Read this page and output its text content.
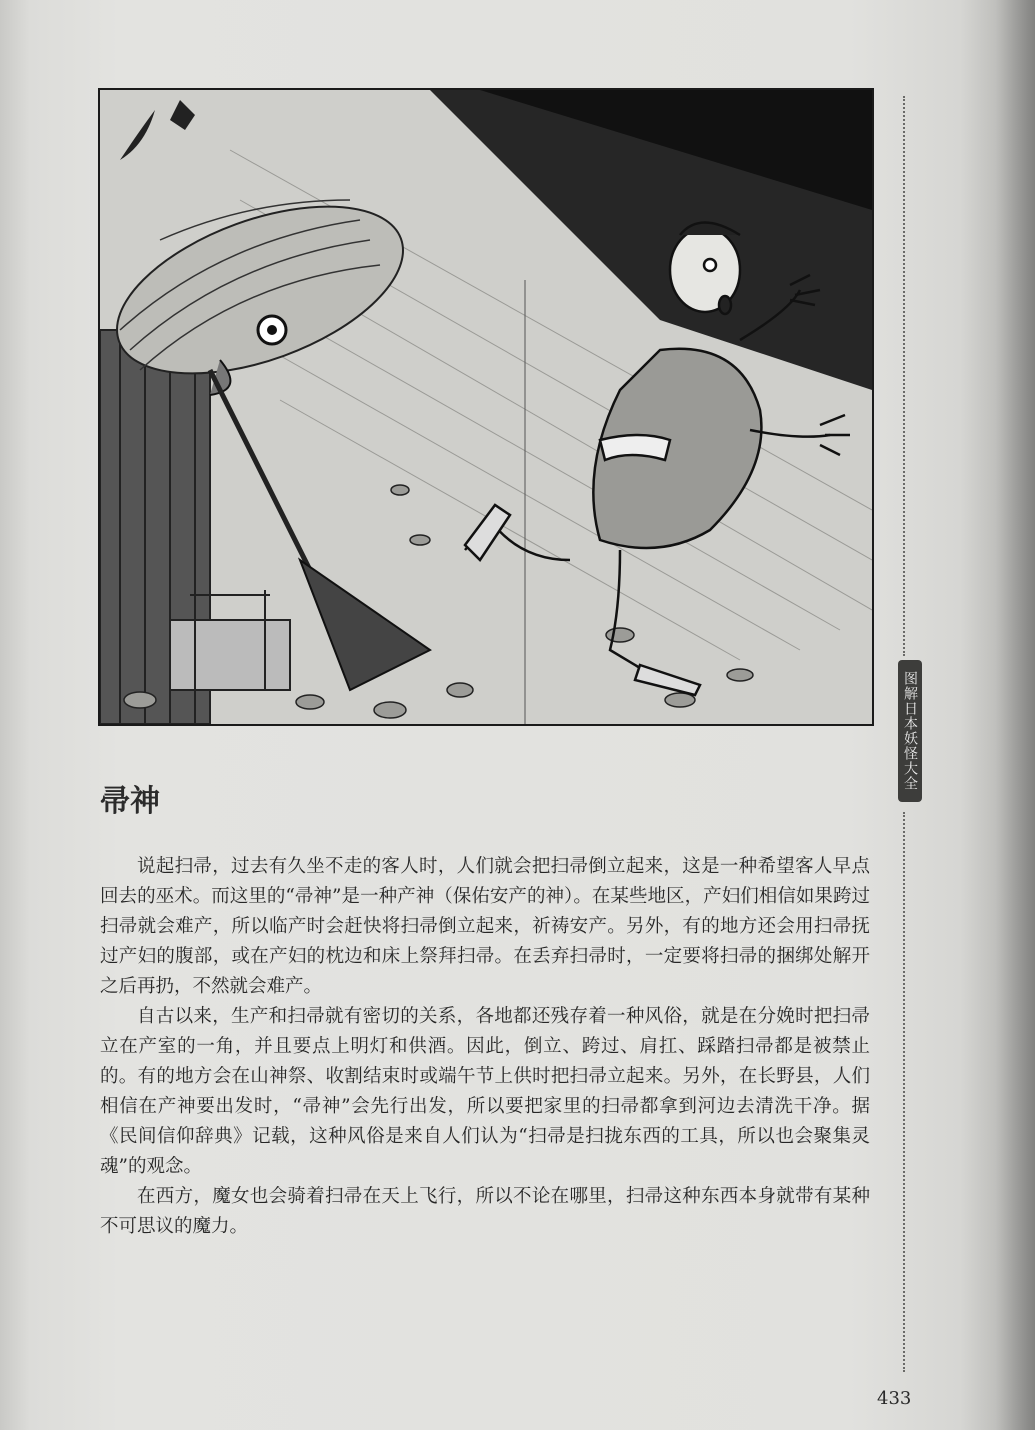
图解日本妖怪大全
帚神

说起扫帚，过去有久坐不走的客人时，人们就会把扫帚倒立起来，这是一种希望客人早点回去的巫术。而这里的“帚神”是一种产神（保佑安产的神）。在某些地区，产妇们相信如果跨过扫帚就会难产，所以临产时会赶快将扫帚倒立起来，祈祷安产。另外，有的地方还会用扫帚抚过产妇的腹部，或在产妇的枕边和床上祭拜扫帚。在丢弃扫帚时，一定要将扫帚的捆绑处解开之后再扔，不然就会难产。

自古以来，生产和扫帚就有密切的关系，各地都还残存着一种风俗，就是在分娩时把扫帚立在产室的一角，并且要点上明灯和供酒。因此，倒立、跨过、肩扛、踩踏扫帚都是被禁止的。有的地方会在山神祭、收割结束时或端午节上供时把扫帚立起来。另外，在长野县，人们相信在产神要出发时，“帚神”会先行出发，所以要把家里的扫帚都拿到河边去清洗干净。据《民间信仰辞典》记载，这种风俗是来自人们认为“扫帚是扫拢东西的工具，所以也会聚集灵魂”的观念。

在西方，魔女也会骑着扫帚在天上飞行，所以不论在哪里，扫帚这种东西本身就带有某种不可思议的魔力。

433
